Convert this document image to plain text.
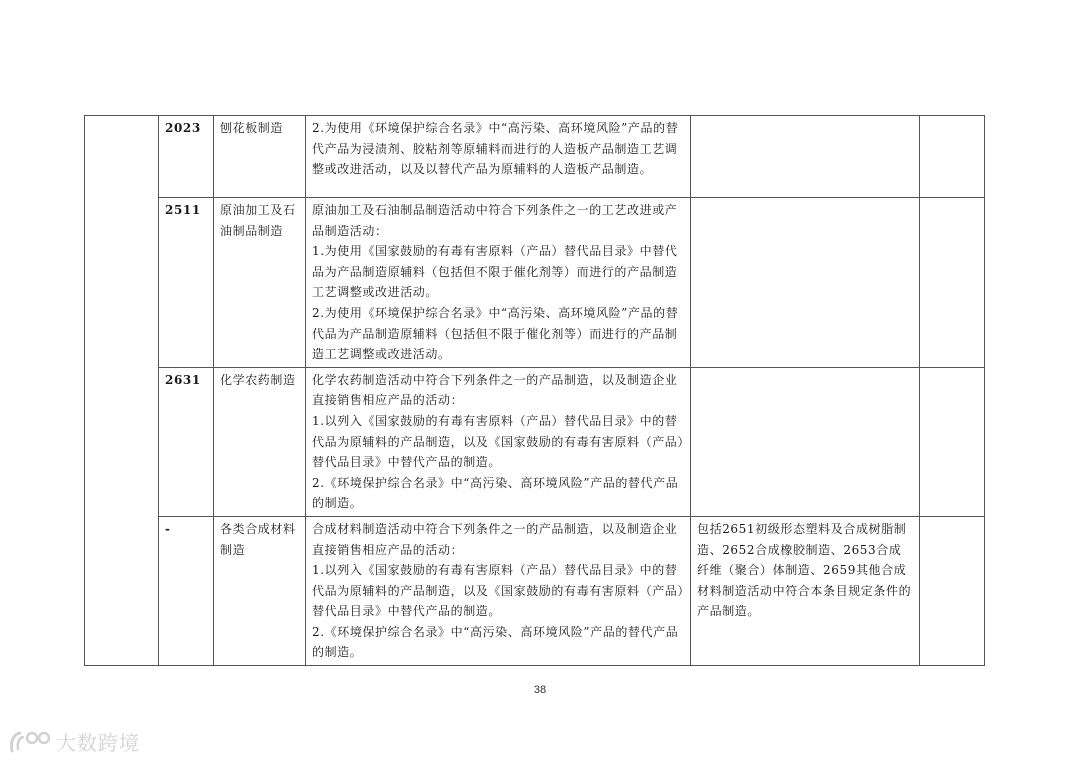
	2023	刨花板制造	2.为使用《环境保护综合名录》中“高污染、高环境风险”产品的替代产品为浸渍剂、胶粘剂等原辅料而进行的人造板产品制造工艺调整或改进活动，以及以替代产品为原辅料的人造板产品制造。		

	2511	原油加工及石油制品制造	原油加工及石油制品制造活动中符合下列条件之一的工艺改进或产品制造活动：

1.为使用《国家鼓励的有毒有害原料（产品）替代品目录》中替代品为产品制造原辅料（包括但不限于催化剂等）而进行的产品制造工艺调整或改进活动。

2.为使用《环境保护综合名录》中“高污染、高环境风险”产品的替代品为产品制造原辅料（包括但不限于催化剂等）而进行的产品制造工艺调整或改进活动。		

	2631	化学农药制造	化学农药制造活动中符合下列条件之一的产品制造，以及制造企业直接销售相应产品的活动：

1.以列入《国家鼓励的有毒有害原料（产品）替代品目录》中的替代品为原辅料的产品制造，以及《国家鼓励的有毒有害原料（产品）替代品目录》中替代产品的制造。

2.《环境保护综合名录》中“高污染、高环境风险”产品的替代产品的制造。		

	-	各类合成材料制造	合成材料制造活动中符合下列条件之一的产品制造，以及制造企业直接销售相应产品的活动：

1.以列入《国家鼓励的有毒有害原料（产品）替代品目录》中的替代品为原辅料的产品制造，以及《国家鼓励的有毒有害原料（产品）替代品目录》中替代产品的制造。

2.《环境保护综合名录》中“高污染、高环境风险”产品的替代产品的制造。	包括2651初级形态塑料及合成树脂制造、2652合成橡胶制造、2653合成纤维（聚合）体制造、2659其他合成材料制造活动中符合本条目规定条件的产品制造。	
38
大数跨境
